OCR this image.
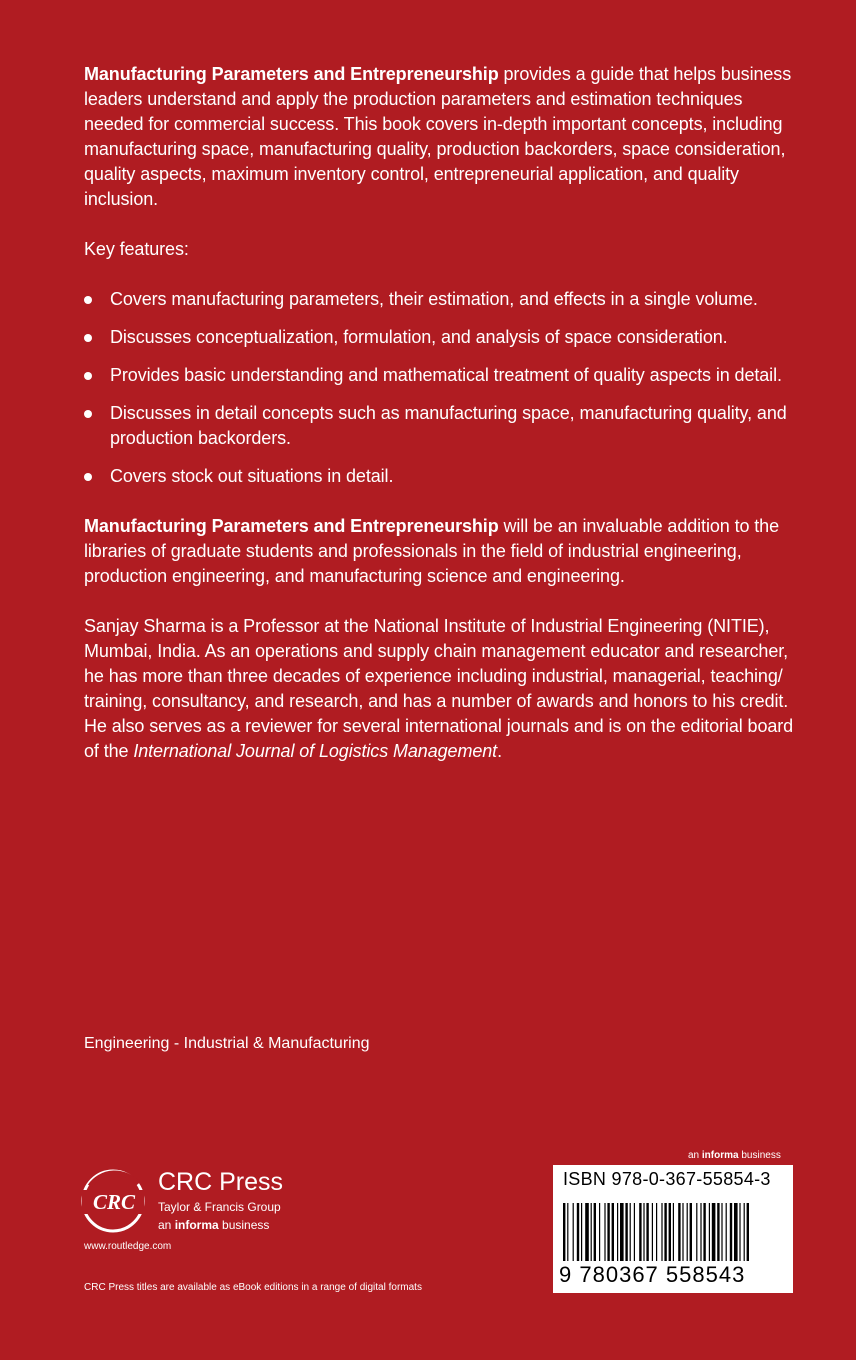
Manufacturing Parameters and Entrepreneurship provides a guide that helps business leaders understand and apply the production parameters and estimation techniques needed for commercial success. This book covers in-depth important concepts, including manufacturing space, manufacturing quality, production backorders, space consideration, quality aspects, maximum inventory control, entrepreneurial application, and quality inclusion.

Key features:

Covers manufacturing parameters, their estimation, and effects in a single volume.
Discusses conceptualization, formulation, and analysis of space consideration.
Provides basic understanding and mathematical treatment of quality aspects in detail.
Discusses in detail concepts such as manufacturing space, manufacturing quality, and production backorders.
Covers stock out situations in detail.

Manufacturing Parameters and Entrepreneurship will be an invaluable addition to the libraries of graduate students and professionals in the field of industrial engineering, production engineering, and manufacturing science and engineering.

Sanjay Sharma is a Professor at the National Institute of Industrial Engineering (NITIE), Mumbai, India. As an operations and supply chain management educator and researcher, he has more than three decades of experience including industrial, managerial, teaching/ training, consultancy, and research, and has a number of awards and honors to his credit. He also serves as a reviewer for several international journals and is on the editorial board of the International Journal of Logistics Management.

Engineering - Industrial & Manufacturing
an informa business
ISBN 978-0-367-55854-3
9 780367 558543
CRC
CRC Press
Taylor & Francis Group
an informa business
www.routledge.com
CRC Press titles are available as eBook editions in a range of digital formats
